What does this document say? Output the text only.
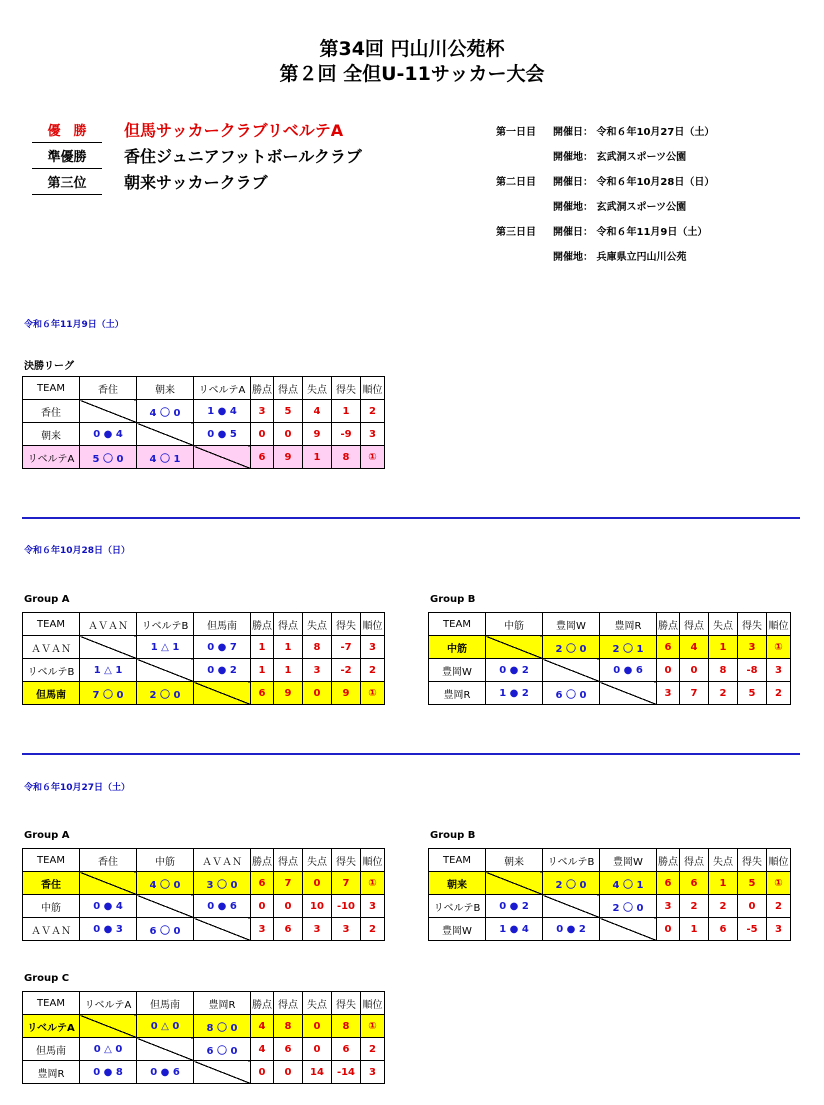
第34回 円山川公苑杯
第２回 全但U-11サッカー大会
優　勝	但馬サッカークラブリベルテA
準優勝	香住ジュニアフットボールクラブ
第三位	朝来サッカークラブ
第一日目 開催日： 令和６年10月27日（土）
開催地： 玄武洞スポーツ公園
第二日目 開催日： 令和６年10月28日（日）
開催地： 玄武洞スポーツ公園
第三日目 開催日： 令和６年11月9日（土）
開催地： 兵庫県立円山川公苑
令和６年11月9日（土）
決勝リーグ
TEAM	香住	朝来	リベルテA	勝点	得点	失点	得失	順位
香住		4 〇 0	1 ● 4	3	5	4	1	2
朝来	0 ● 4		0 ● 5	0	0	9	-9	3
リベルテA	5 〇 0	4 〇 1		6	9	1	8	①
令和６年10月28日（日）
Group A
TEAM	ＡＶＡＮ	リベルテB	但馬南	勝点	得点	失点	得失	順位
ＡＶＡＮ		1 △ 1	0 ● 7	1	1	8	-7	3
リベルテB	1 △ 1		0 ● 2	1	1	3	-2	2
但馬南	7 〇 0	2 〇 0		6	9	0	9	①
Group B
TEAM	中筋	豊岡W	豊岡R	勝点	得点	失点	得失	順位
中筋		2 〇 0	2 〇 1	6	4	1	3	①
豊岡W	0 ● 2		0 ● 6	0	0	8	-8	3
豊岡R	1 ● 2	6 〇 0		3	7	2	5	2
令和６年10月27日（土）
Group A
TEAM	香住	中筋	ＡＶＡＮ	勝点	得点	失点	得失	順位
香住		4 〇 0	3 〇 0	6	7	0	7	①
中筋	0 ● 4		0 ● 6	0	0	10	-10	3
ＡＶＡＮ	0 ● 3	6 〇 0		3	6	3	3	2
Group B
TEAM	朝来	リベルテB	豊岡W	勝点	得点	失点	得失	順位
朝来		2 〇 0	4 〇 1	6	6	1	5	①
リベルテB	0 ● 2		2 〇 0	3	2	2	0	2
豊岡W	1 ● 4	0 ● 2		0	1	6	-5	3
Group C
TEAM	リベルテA	但馬南	豊岡R	勝点	得点	失点	得失	順位
リベルテA		0 △ 0	8 〇 0	4	8	0	8	①
但馬南	0 △ 0		6 〇 0	4	6	0	6	2
豊岡R	0 ● 8	0 ● 6		0	0	14	-14	3
